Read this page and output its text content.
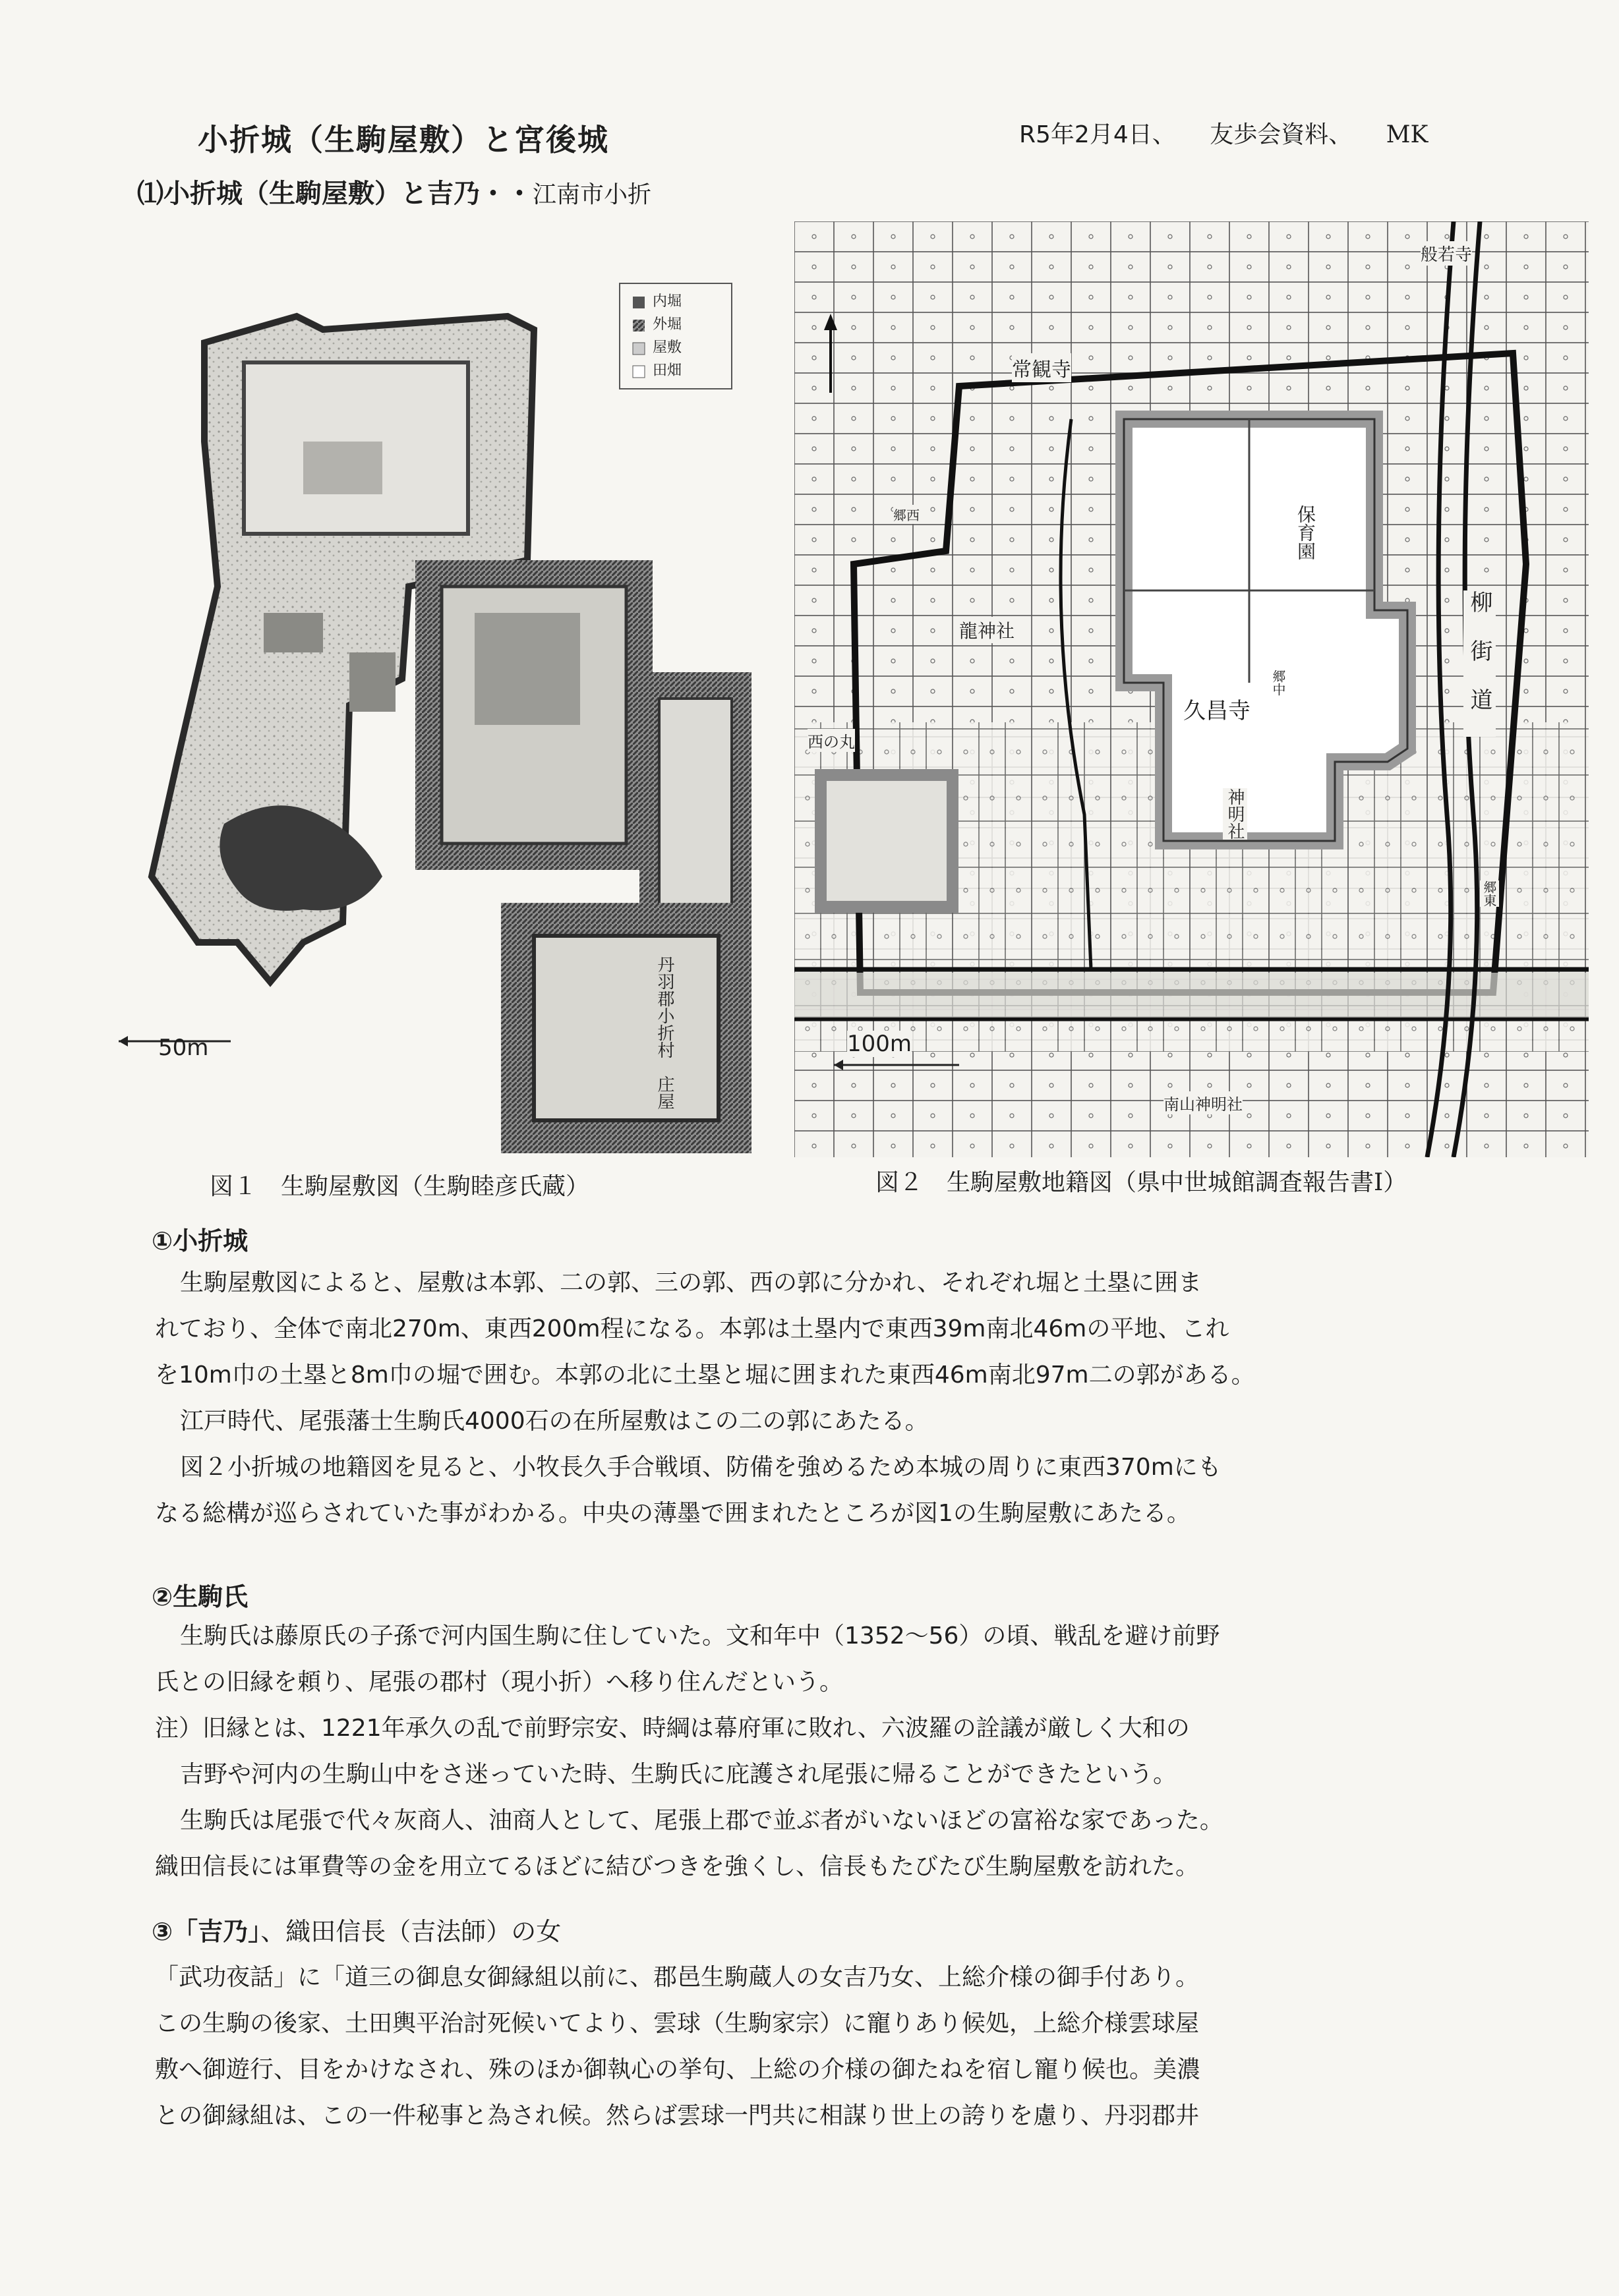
小折城（生駒屋敷）と宮後城	R5年2月4日、 友歩会資料、 MK
⑴小折城（生駒屋敷）と吉乃・・江南市小折
50m	丹羽郡小折村　庄屋
内堀
外堀
屋敷
田畑
100m
般若寺
常観寺
保育園
龍神社
久昌寺
西の丸
神明社
柳街道
南山神明社
郷西
郷東
郷中
図１　生駒屋敷図（生駒睦彦氏蔵）	図２　生駒屋敷地籍図（県中世城館調査報告書Ⅰ）
①小折城

生駒屋敷図によると、屋敷は本郭、二の郭、三の郭、西の郭に分かれ、それぞれ堀と土塁に囲ま

れており、全体で南北270m、東西200m程になる。本郭は土塁内で東西39m南北46mの平地、これ

を10m巾の土塁と8m巾の堀で囲む。本郭の北に土塁と堀に囲まれた東西46m南北97m二の郭がある。

江戸時代、尾張藩士生駒氏4000石の在所屋敷はこの二の郭にあたる。

図２小折城の地籍図を見ると、小牧長久手合戦頃、防備を強めるため本城の周りに東西370mにも

なる総構が巡らされていた事がわかる。中央の薄墨で囲まれたところが図1の生駒屋敷にあたる。

②生駒氏

生駒氏は藤原氏の子孫で河内国生駒に住していた。文和年中（1352～56）の頃、戦乱を避け前野

氏との旧縁を頼り、尾張の郡村（現小折）へ移り住んだという。

注）旧縁とは、1221年承久の乱で前野宗安、時綱は幕府軍に敗れ、六波羅の詮議が厳しく大和の

吉野や河内の生駒山中をさ迷っていた時、生駒氏に庇護され尾張に帰ることができたという。

生駒氏は尾張で代々灰商人、油商人として、尾張上郡で並ぶ者がいないほどの富裕な家であった。

織田信長には軍費等の金を用立てるほどに結びつきを強くし、信長もたびたび生駒屋敷を訪れた。

③「吉乃」、織田信長（吉法師）の女

「武功夜話」に「道三の御息女御縁組以前に、郡邑生駒蔵人の女吉乃女、上総介様の御手付あり。

この生駒の後家、土田輿平治討死候いてより、雲球（生駒家宗）に寵りあり候処，上総介様雲球屋

敷へ御遊行、目をかけなされ、殊のほか御執心の挙句、上総の介様の御たねを宿し寵り候也。美濃

との御縁組は、この一件秘事と為され候。然らば雲球一門共に相謀り世上の誇りを慮り、丹羽郡井
